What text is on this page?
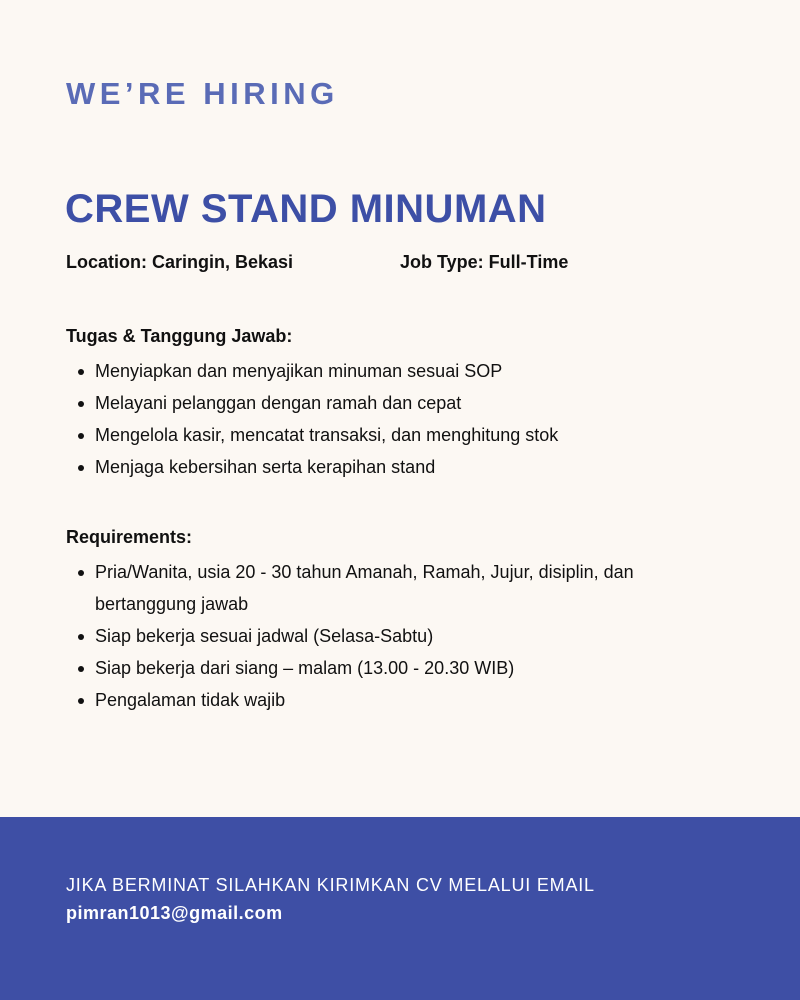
WE’RE HIRING
CREW STAND MINUMAN
Location: Caringin, Bekasi	Job Type: Full-Time
Tugas & Tanggung Jawab:
Menyiapkan dan menyajikan minuman sesuai SOP
Melayani pelanggan dengan ramah dan cepat
Mengelola kasir, mencatat transaksi, dan menghitung stok
Menjaga kebersihan serta kerapihan stand
Requirements:
Pria/Wanita, usia 20 - 30 tahun Amanah, Ramah, Jujur, disiplin, dan bertanggung jawab
Siap bekerja sesuai jadwal (Selasa-Sabtu)
Siap bekerja dari siang – malam (13.00 - 20.30 WIB)
Pengalaman tidak wajib
JIKA BERMINAT SILAHKAN KIRIMKAN CV MELALUI EMAIL
pimran1013@gmail.com
